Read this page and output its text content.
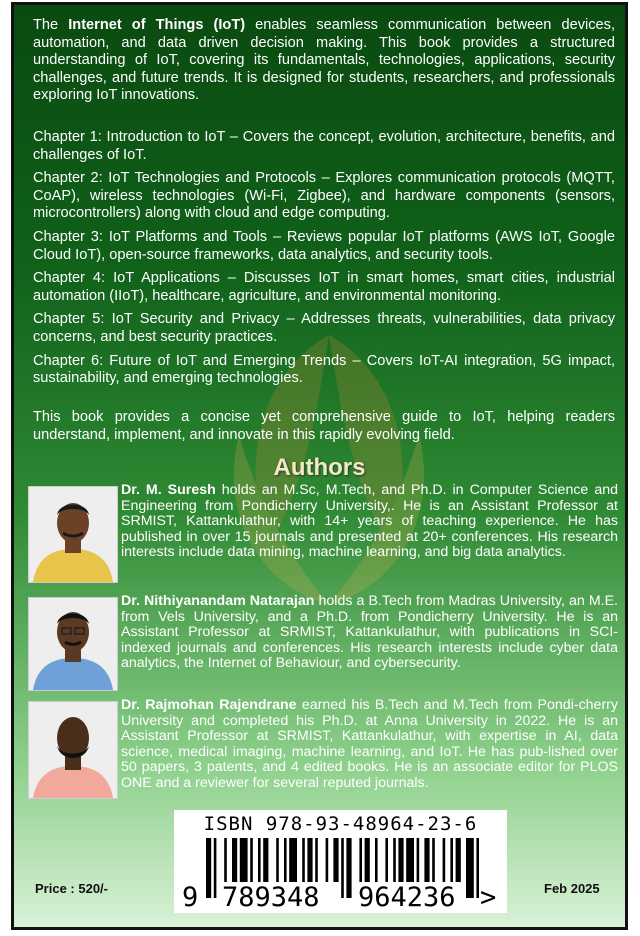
The Internet of Things (IoT) enables seamless communication between devices, automation, and data driven decision making. This book provides a structured understanding of IoT, covering its fundamentals, technologies, applications, security challenges, and future trends. It is designed for students, researchers, and professionals exploring IoT innovations.

Chapter 1: Introduction to IoT – Covers the concept, evolution, architecture, benefits, and challenges of IoT.

Chapter 2: IoT Technologies and Protocols – Explores communication protocols (MQTT, CoAP), wireless technologies (Wi-Fi, Zigbee), and hardware components (sensors, microcontrollers) along with cloud and edge computing.

Chapter 3: IoT Platforms and Tools – Reviews popular IoT platforms (AWS IoT, Google Cloud IoT), open-source frameworks, data analytics, and security tools.

Chapter 4: IoT Applications – Discusses IoT in smart homes, smart cities, industrial automation (IIoT), healthcare, agriculture, and environmental monitoring.

Chapter 5: IoT Security and Privacy – Addresses threats, vulnerabilities, data privacy concerns, and best security practices.

Chapter 6: Future of IoT and Emerging Trends – Covers IoT-AI integration, 5G impact, sustainability, and emerging technologies.

This book provides a concise yet comprehensive guide to IoT, helping readers understand, implement, and innovate in this rapidly evolving field.
Authors
Dr. M. Suresh holds an M.Sc, M.Tech, and Ph.D. in Computer Science and Engineering from Pondicherry University,. He is an Assistant Professor at SRMIST, Kattankulathur, with 14+ years of teaching experience. He has published in over 15 journals and presented at 20+ conferences. His research interests include data mining, machine learning, and big data analytics.
Dr. Nithiyanandam Natarajan holds a B.Tech from Madras University, an M.E. from Vels University, and a Ph.D. from Pondicherry University. He is an Assistant Professor at SRMIST, Kattankulathur, with publications in SCI-indexed journals and conferences. His research interests include cyber data analytics, the Internet of Behaviour, and cybersecurity.
Dr. Rajmohan Rajendrane earned his B.Tech and M.Tech from Pondi-cherry University and completed his Ph.D. at Anna University in 2022. He is an Assistant Professor at SRMIST, Kattankulathur, with expertise in AI, data science, medical imaging, machine learning, and IoT. He has pub-lished over 50 papers, 3 patents, and 4 edited books. He is an associate editor for PLOS ONE and a reviewer for several reputed journals.
Price : 520/-
ISBN 978-93-48964-23-6
9 789348 964236 >	Feb 2025
